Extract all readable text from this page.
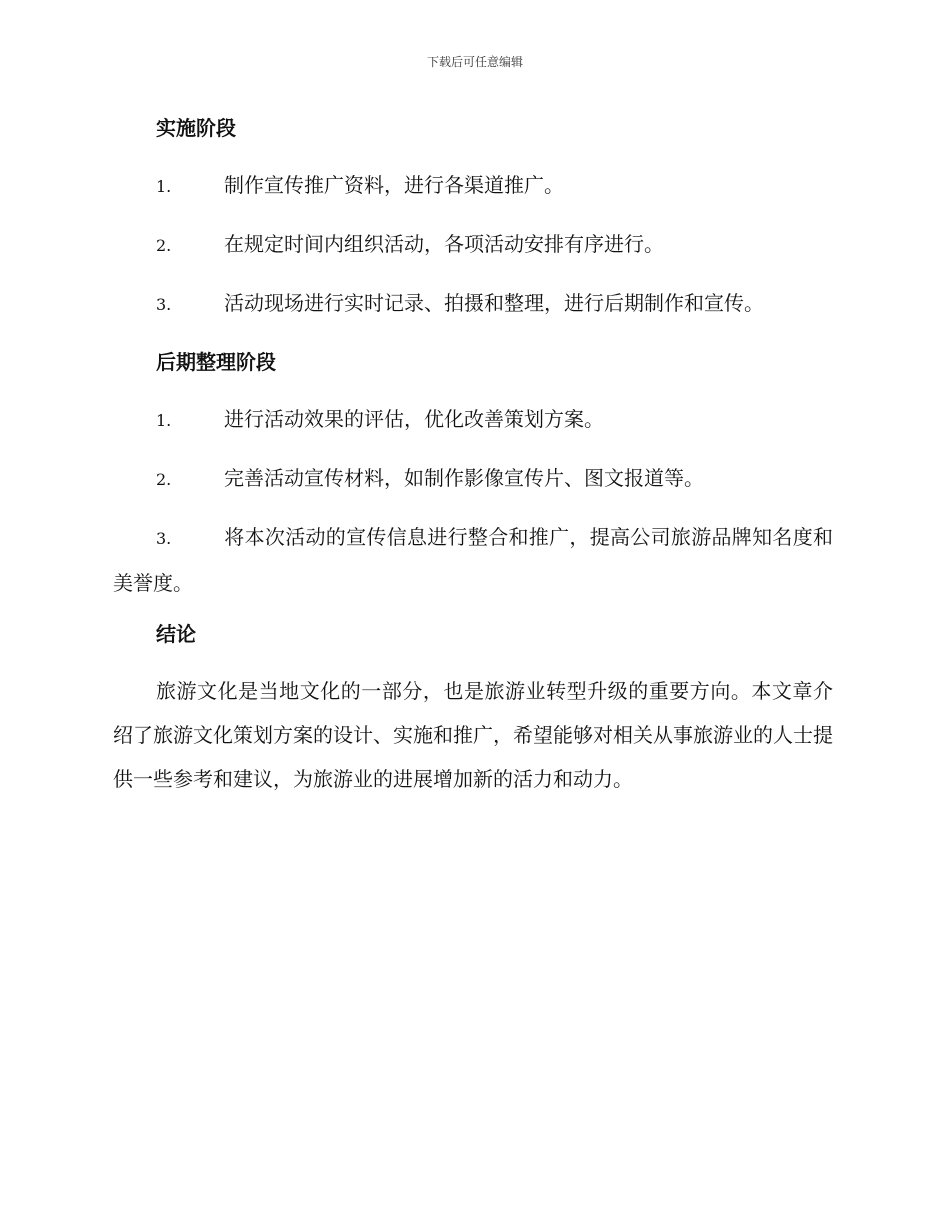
下载后可任意编辑
实施阶段
1.	制作宣传推广资料，进行各渠道推广。
2.	在规定时间内组织活动，各项活动安排有序进行。
3.	活动现场进行实时记录、拍摄和整理，进行后期制作和宣传。
后期整理阶段
1.	进行活动效果的评估，优化改善策划方案。
2.	完善活动宣传材料，如制作影像宣传片、图文报道等。
3.	将本次活动的宣传信息进行整合和推广，提高公司旅游品牌知名度和美誉度。
结论

旅游文化是当地文化的一部分，也是旅游业转型升级的重要方向。本文章介绍了旅游文化策划方案的设计、实施和推广，希望能够对相关从事旅游业的人士提供一些参考和建议，为旅游业的进展增加新的活力和动力。
